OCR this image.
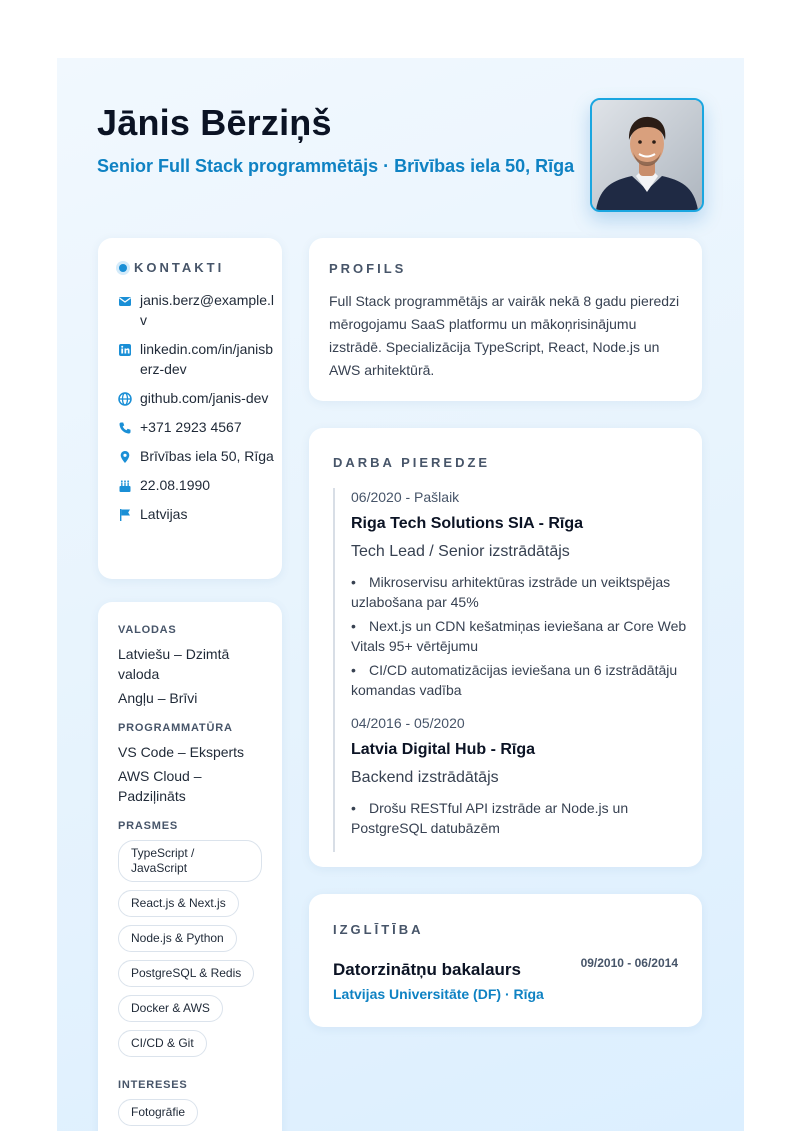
Jānis Bērziņš

Senior Full Stack programmētājs · Brīvības iela 50, Rīga

KONTAKTI
janis.berz@example.lv
linkedin.com/in/janisberz-dev
github.com/janis-dev
+371 2923 4567
Brīvības iela 50, Rīga
22.08.1990
Latvijas
VALODAS

Latviešu – Dzimtā valoda

Angļu – Brīvi

PROGRAMMATŪRA

VS Code – Eksperts

AWS Cloud – Padziļināts

PRASMES
TypeScript / JavaScript
React.js & Next.js
Node.js & Python
PostgreSQL & Redis
Docker & AWS
CI/CD & Git
INTERESES
Fotogrāfie
PROFILS

Full Stack programmētājs ar vairāk nekā 8 gadu pieredzi mērogojamu SaaS platformu un mākoņrisinājumu izstrādē. Specializācija TypeScript, React, Node.js un AWS arhitektūrā.

DARBA PIEREDZE

06/2020 - Pašlaik

Riga Tech Solutions SIA - Rīga

Tech Lead / Senior izstrādātājs

• Mikroservisu arhitektūras izstrāde un veiktspējas uzlabošana par 45%

• Next.js un CDN kešatmiņas ieviešana ar Core Web Vitals 95+ vērtējumu

• CI/CD automatizācijas ieviešana un 6 izstrādātāju komandas vadība

04/2016 - 05/2020

Latvia Digital Hub - Rīga

Backend izstrādātājs

• Drošu RESTful API izstrāde ar Node.js un PostgreSQL datubāzēm

IZGLĪTĪBA

Datorzinātņu bakalaurs

Latvijas Universitāte (DF) · Rīga

09/2010 - 06/2014
